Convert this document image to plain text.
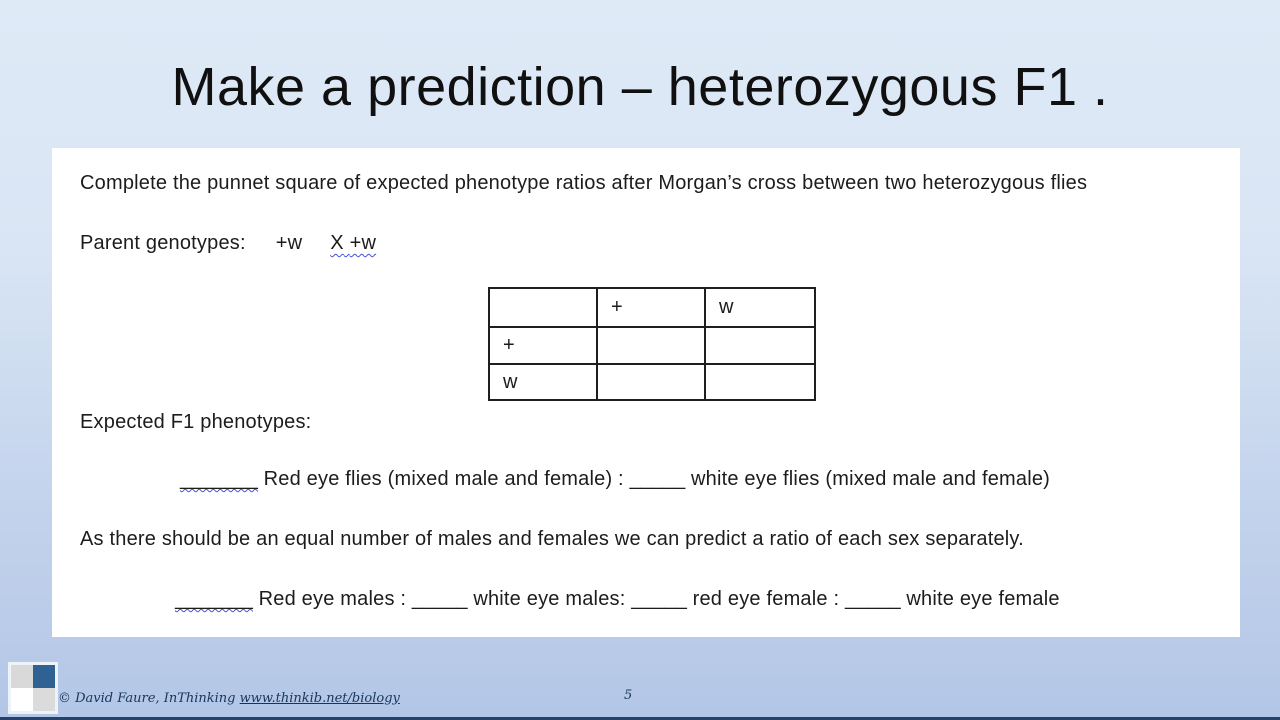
Make a prediction – heterozygous F1 .
Complete the punnet square of expected phenotype ratios after Morgan’s cross between two heterozygous flies
Parent genotypes: +w X +w
	+	w
+		
w		
Expected F1 phenotypes:
_______ Red eye flies (mixed male and female) : _____ white eye flies (mixed male and female)
As there should be an equal number of males and females we can predict a ratio of each sex separately.
_______ Red eye males : _____ white eye males: _____ red eye female : _____ white eye female
© David Faure, InThinking www.thinkib.net/biology	5
